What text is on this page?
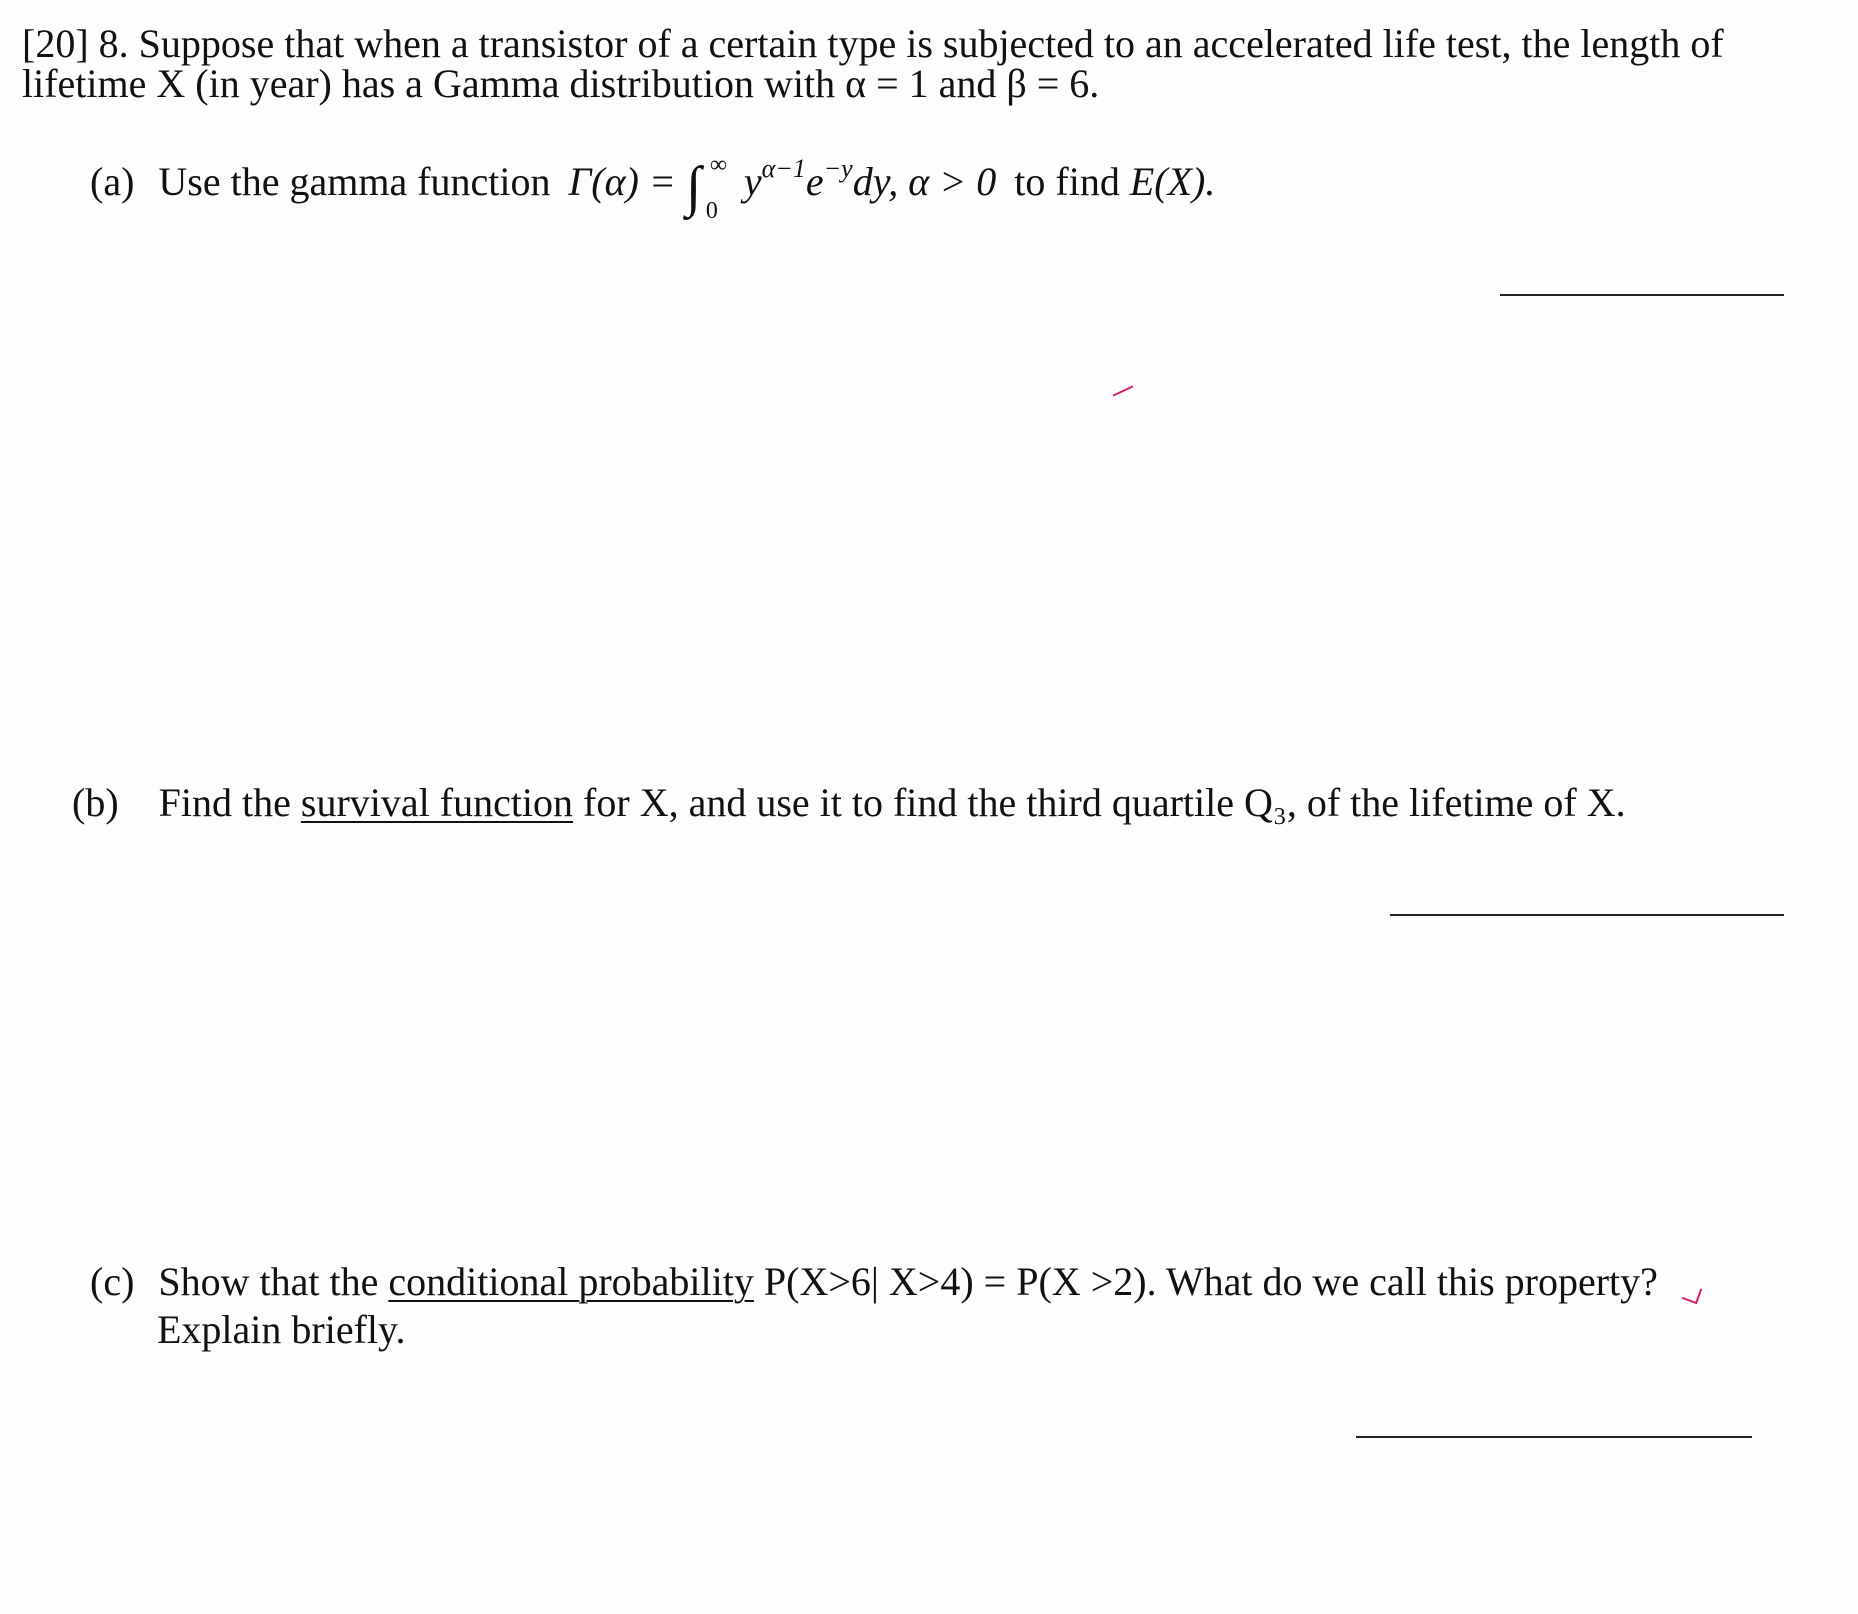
[20] 8. Suppose that when a transistor of a certain type is subjected to an accelerated life test, the length of
lifetime X (in year) has a Gamma distribution with α = 1 and β = 6.
(a) Use the gamma function Γ(α) = ∫ ∞
0
$y^{\alpha-1}e^{-y}dy$, α > 0 to find E(X).
(b) Find the survival function for X, and use it to find the third quartile Q₃, of the lifetime of X.
(c) Show that the conditional probability P(X>6| X>4) = P(X >2). What do we call this property?
Explain briefly.
